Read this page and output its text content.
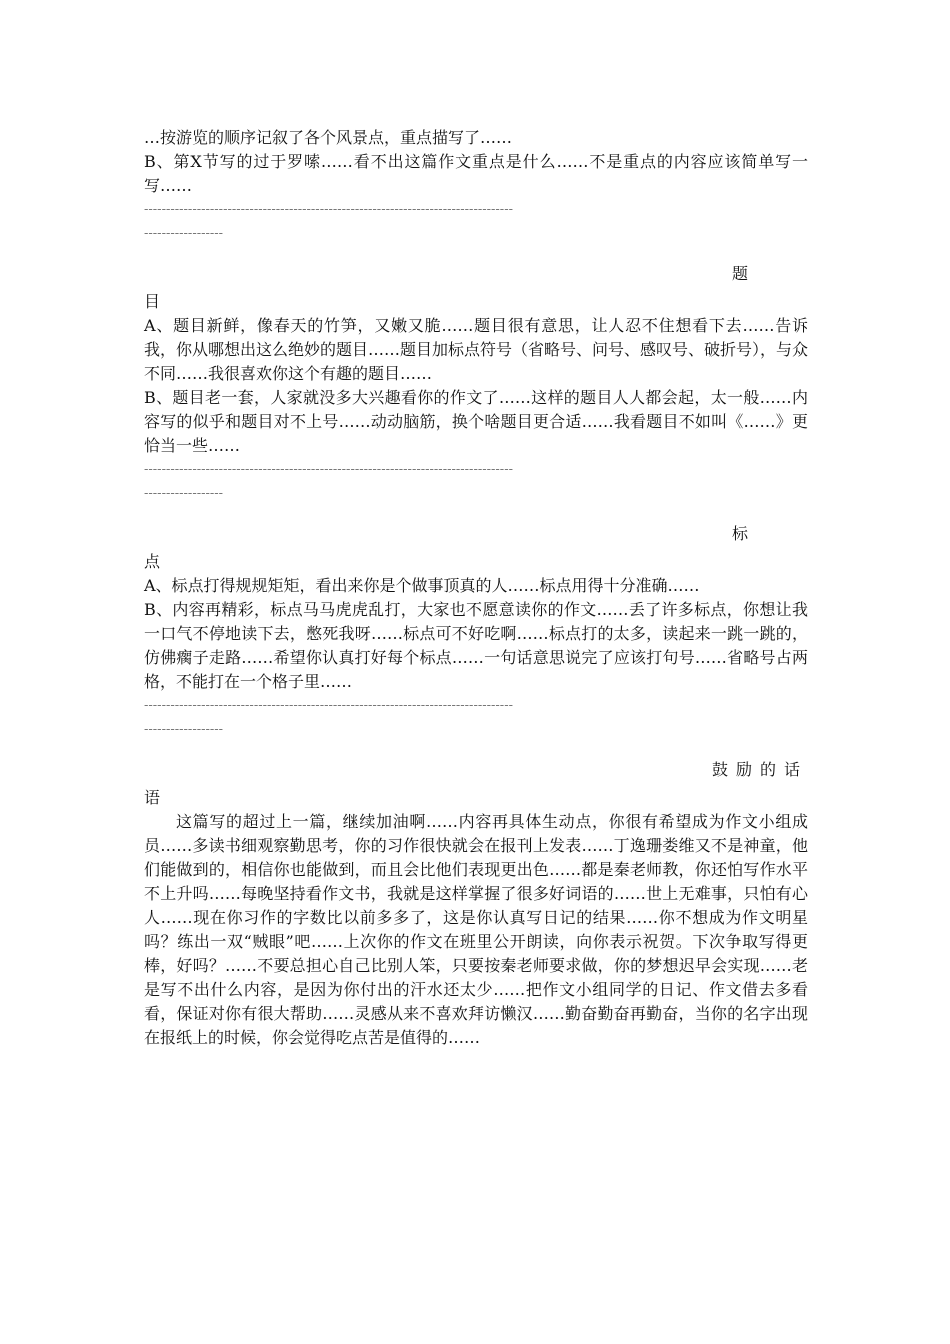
…按游览的顺序记叙了各个风景点，重点描写了……

B、第X节写的过于罗嗦……看不出这篇作文重点是什么……不是重点的内容应该简单写一写……

------------------------------------------------------------------------------------

------------------

题

目

A、题目新鲜，像春天的竹笋，又嫩又脆……题目很有意思，让人忍不住想看下去……告诉我，你从哪想出这么绝妙的题目……题目加标点符号（省略号、问号、感叹号、破折号），与众不同……我很喜欢你这个有趣的题目……

B、题目老一套，人家就没多大兴趣看你的作文了……这样的题目人人都会起，太一般……内容写的似乎和题目对不上号……动动脑筋，换个啥题目更合适……我看题目不如叫《……》更恰当一些……

------------------------------------------------------------------------------------

------------------

标

点

A、标点打得规规矩矩，看出来你是个做事顶真的人……标点用得十分准确……

B、内容再精彩，标点马马虎虎乱打，大家也不愿意读你的作文……丢了许多标点，你想让我一口气不停地读下去，憋死我呀……标点可不好吃啊……标点打的太多，读起来一跳一跳的，仿佛瘸子走路……希望你认真打好每个标点……一句话意思说完了应该打句号……省略号占两格，不能打在一个格子里……

------------------------------------------------------------------------------------

------------------

鼓励的话

语

这篇写的超过上一篇，继续加油啊……内容再具体生动点，你很有希望成为作文小组成员……多读书细观察勤思考，你的习作很快就会在报刊上发表……丁逸珊娄维又不是神童，他们能做到的，相信你也能做到，而且会比他们表现更出色……都是秦老师教，你还怕写作水平不上升吗……每晚坚持看作文书，我就是这样掌握了很多好词语的……世上无难事，只怕有心人……现在你习作的字数比以前多多了，这是你认真写日记的结果……你不想成为作文明星吗？练出一双“贼眼”吧……上次你的作文在班里公开朗读，向你表示祝贺。下次争取写得更棒，好吗？……不要总担心自己比别人笨，只要按秦老师要求做，你的梦想迟早会实现……老是写不出什么内容，是因为你付出的汗水还太少……把作文小组同学的日记、作文借去多看看，保证对你有很大帮助……灵感从来不喜欢拜访懒汉……勤奋勤奋再勤奋，当你的名字出现在报纸上的时候，你会觉得吃点苦是值得的……
